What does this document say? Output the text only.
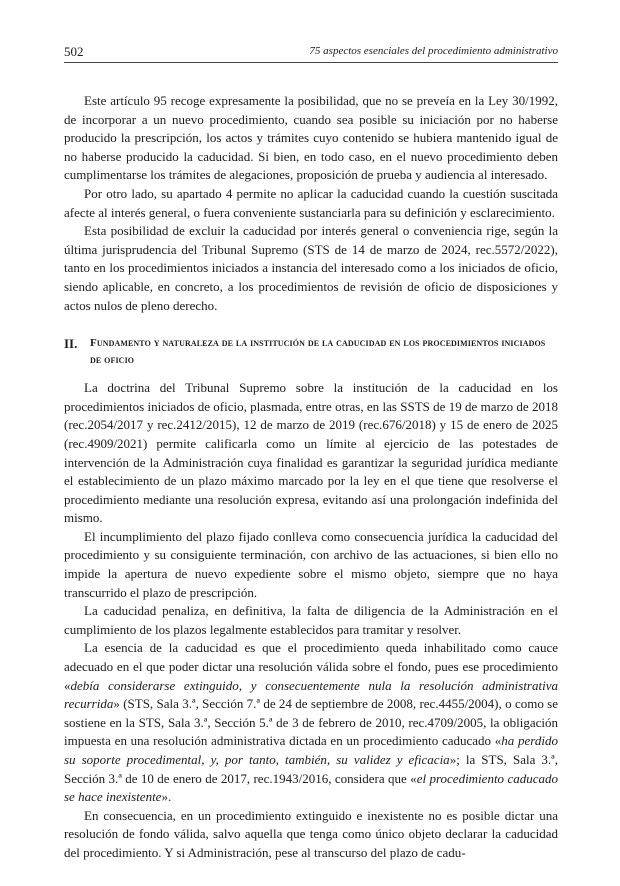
502	75 aspectos esenciales del procedimiento administrativo

Este artículo 95 recoge expresamente la posibilidad, que no se preveía en la Ley 30/1992, de incorporar a un nuevo procedimiento, cuando sea posible su iniciación por no haberse producido la prescripción, los actos y trámites cuyo contenido se hubiera mantenido igual de no haberse producido la caducidad. Si bien, en todo caso, en el nuevo procedimiento deben cumplimentarse los trámites de alegaciones, proposición de prueba y audiencia al interesado.

Por otro lado, su apartado 4 permite no aplicar la caducidad cuando la cuestión suscitada afecte al interés general, o fuera conveniente sustanciarla para su definición y esclarecimiento.

Esta posibilidad de excluir la caducidad por interés general o conveniencia rige, según la última jurisprudencia del Tribunal Supremo (STS de 14 de marzo de 2024, rec.5572/2022), tanto en los procedimientos iniciados a instancia del interesado como a los iniciados de oficio, siendo aplicable, en concreto, a los procedimientos de revisión de oficio de disposiciones y actos nulos de pleno derecho.

II.	Fundamento y naturaleza de la institución de la caducidad en los procedimientos iniciados de oficio

La doctrina del Tribunal Supremo sobre la institución de la caducidad en los procedimientos iniciados de oficio, plasmada, entre otras, en las SSTS de 19 de marzo de 2018 (rec.2054/2017 y rec.2412/2015), 12 de marzo de 2019 (rec.676/2018) y 15 de enero de 2025 (rec.4909/2021) permite calificarla como un límite al ejercicio de las potestades de intervención de la Administración cuya finalidad es garantizar la seguridad jurídica mediante el establecimiento de un plazo máximo marcado por la ley en el que tiene que resolverse el procedimiento mediante una resolución expresa, evitando así una prolongación indefinida del mismo.

El incumplimiento del plazo fijado conlleva como consecuencia jurídica la caducidad del procedimiento y su consiguiente terminación, con archivo de las actuaciones, si bien ello no impide la apertura de nuevo expediente sobre el mismo objeto, siempre que no haya transcurrido el plazo de prescripción.

La caducidad penaliza, en definitiva, la falta de diligencia de la Administración en el cumplimiento de los plazos legalmente establecidos para tramitar y resolver.

La esencia de la caducidad es que el procedimiento queda inhabilitado como cauce adecuado en el que poder dictar una resolución válida sobre el fondo, pues ese procedimiento «debía considerarse extinguido, y consecuentemente nula la resolución administrativa recurrida» (STS, Sala 3.ª, Sección 7.ª de 24 de septiembre de 2008, rec.4455/2004), o como se sostiene en la STS, Sala 3.ª, Sección 5.ª de 3 de febrero de 2010, rec.4709/2005, la obligación impuesta en una resolución administrativa dictada en un procedimiento caducado «ha perdido su soporte procedimental, y, por tanto, también, su validez y eficacia»; la STS, Sala 3.ª, Sección 3.ª de 10 de enero de 2017, rec.1943/2016, considera que «el procedimiento caducado se hace inexistente».

En consecuencia, en un procedimiento extinguido e inexistente no es posible dictar una resolución de fondo válida, salvo aquella que tenga como único objeto declarar la caducidad del procedimiento. Y si Administración, pese al transcurso del plazo de cadu-
